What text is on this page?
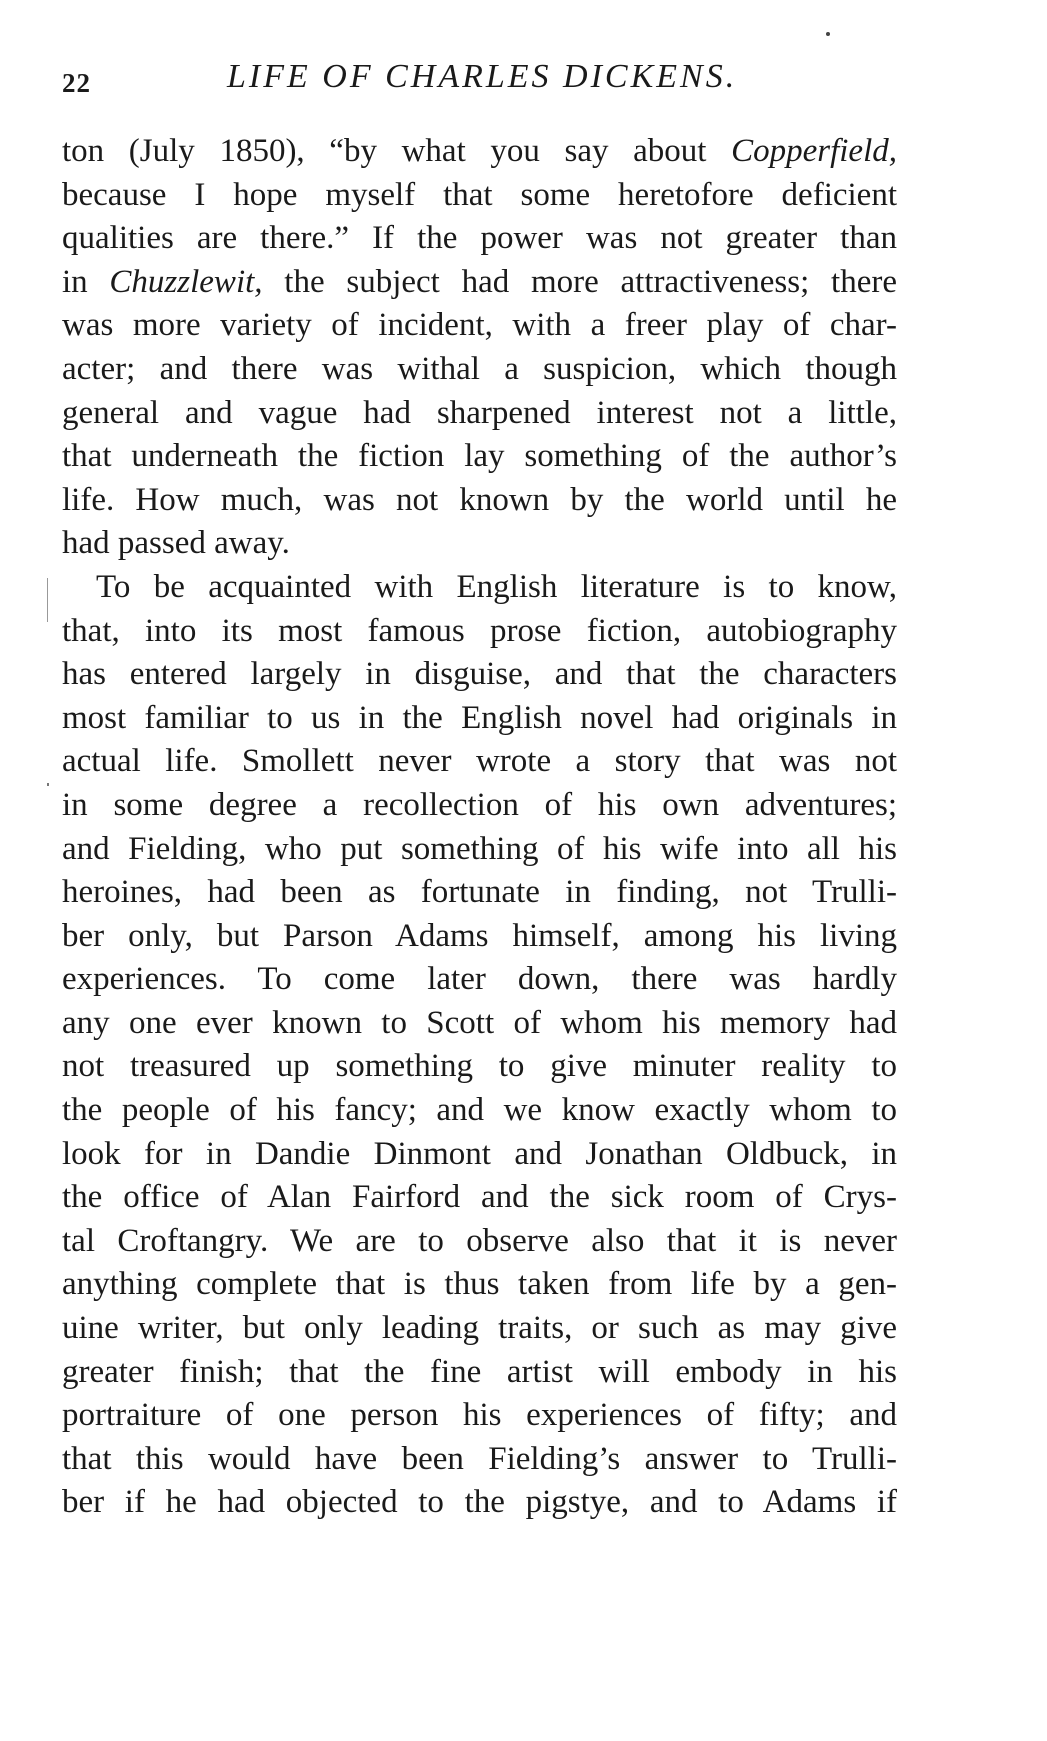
22	LIFE OF CHARLES DICKENS.
ton (July 1850), “by what you say about Copperfield,
because I hope myself that some heretofore deficient
qualities are there.” If the power was not greater than
in Chuzzlewit, the subject had more attractiveness; there
was more variety of incident, with a freer play of char-
acter; and there was withal a suspicion, which though
general and vague had sharpened interest not a little,
that underneath the fiction lay something of the author’s
life. How much, was not known by the world until he
had passed away.
To be acquainted with English literature is to know,
that, into its most famous prose fiction, autobiography
has entered largely in disguise, and that the characters
most familiar to us in the English novel had originals in
actual life. Smollett never wrote a story that was not
in some degree a recollection of his own adventures;
and Fielding, who put something of his wife into all his
heroines, had been as fortunate in finding, not Trulli-
ber only, but Parson Adams himself, among his living
experiences. To come later down, there was hardly
any one ever known to Scott of whom his memory had
not treasured up something to give minuter reality to
the people of his fancy; and we know exactly whom to
look for in Dandie Dinmont and Jonathan Oldbuck, in
the office of Alan Fairford and the sick room of Crys-
tal Croftangry. We are to observe also that it is never
anything complete that is thus taken from life by a gen-
uine writer, but only leading traits, or such as may give
greater finish; that the fine artist will embody in his
portraiture of one person his experiences of fifty; and
that this would have been Fielding’s answer to Trulli-
ber if he had objected to the pigstye, and to Adams if
